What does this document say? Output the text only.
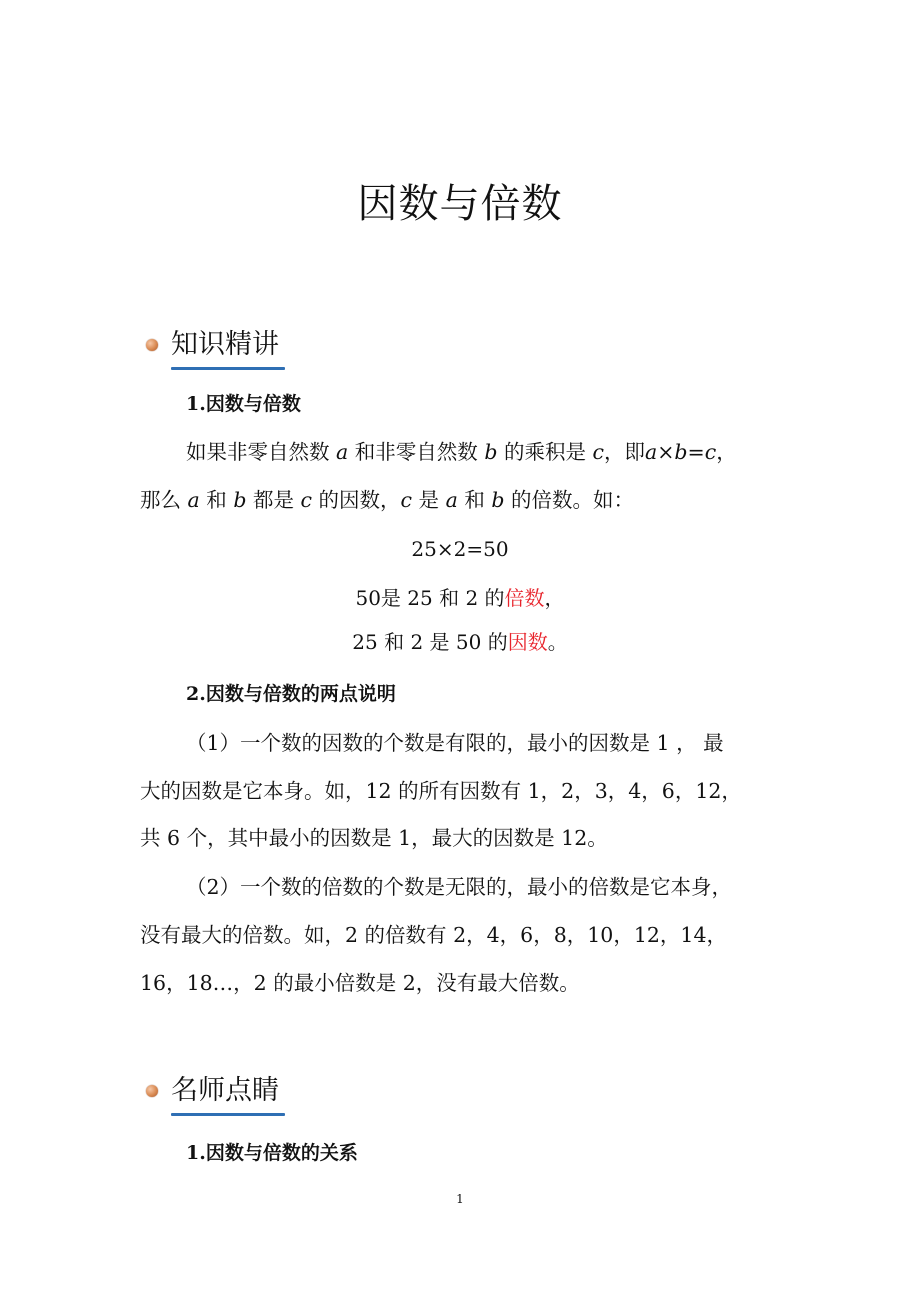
因数与倍数
知识精讲
1.因数与倍数
如果非零自然数 a 和非零自然数 b 的乘积是 c，即a×b=c，
那么 a 和 b 都是 c 的因数，c 是 a 和 b 的倍数。如：
25×2=50
50是 25 和 2 的倍数，
25 和 2 是 50 的因数。
2.因数与倍数的两点说明
（1）一个数的因数的个数是有限的，最小的因数是 1 ， 最
大的因数是它本身。如，12 的所有因数有 1，2，3，4，6，12，
共 6 个，其中最小的因数是 1，最大的因数是 12。
（2）一个数的倍数的个数是无限的，最小的倍数是它本身，
没有最大的倍数。如，2 的倍数有 2，4，6，8，10，12，14，
16，18…，2 的最小倍数是 2，没有最大倍数。
名师点睛
1.因数与倍数的关系
1
